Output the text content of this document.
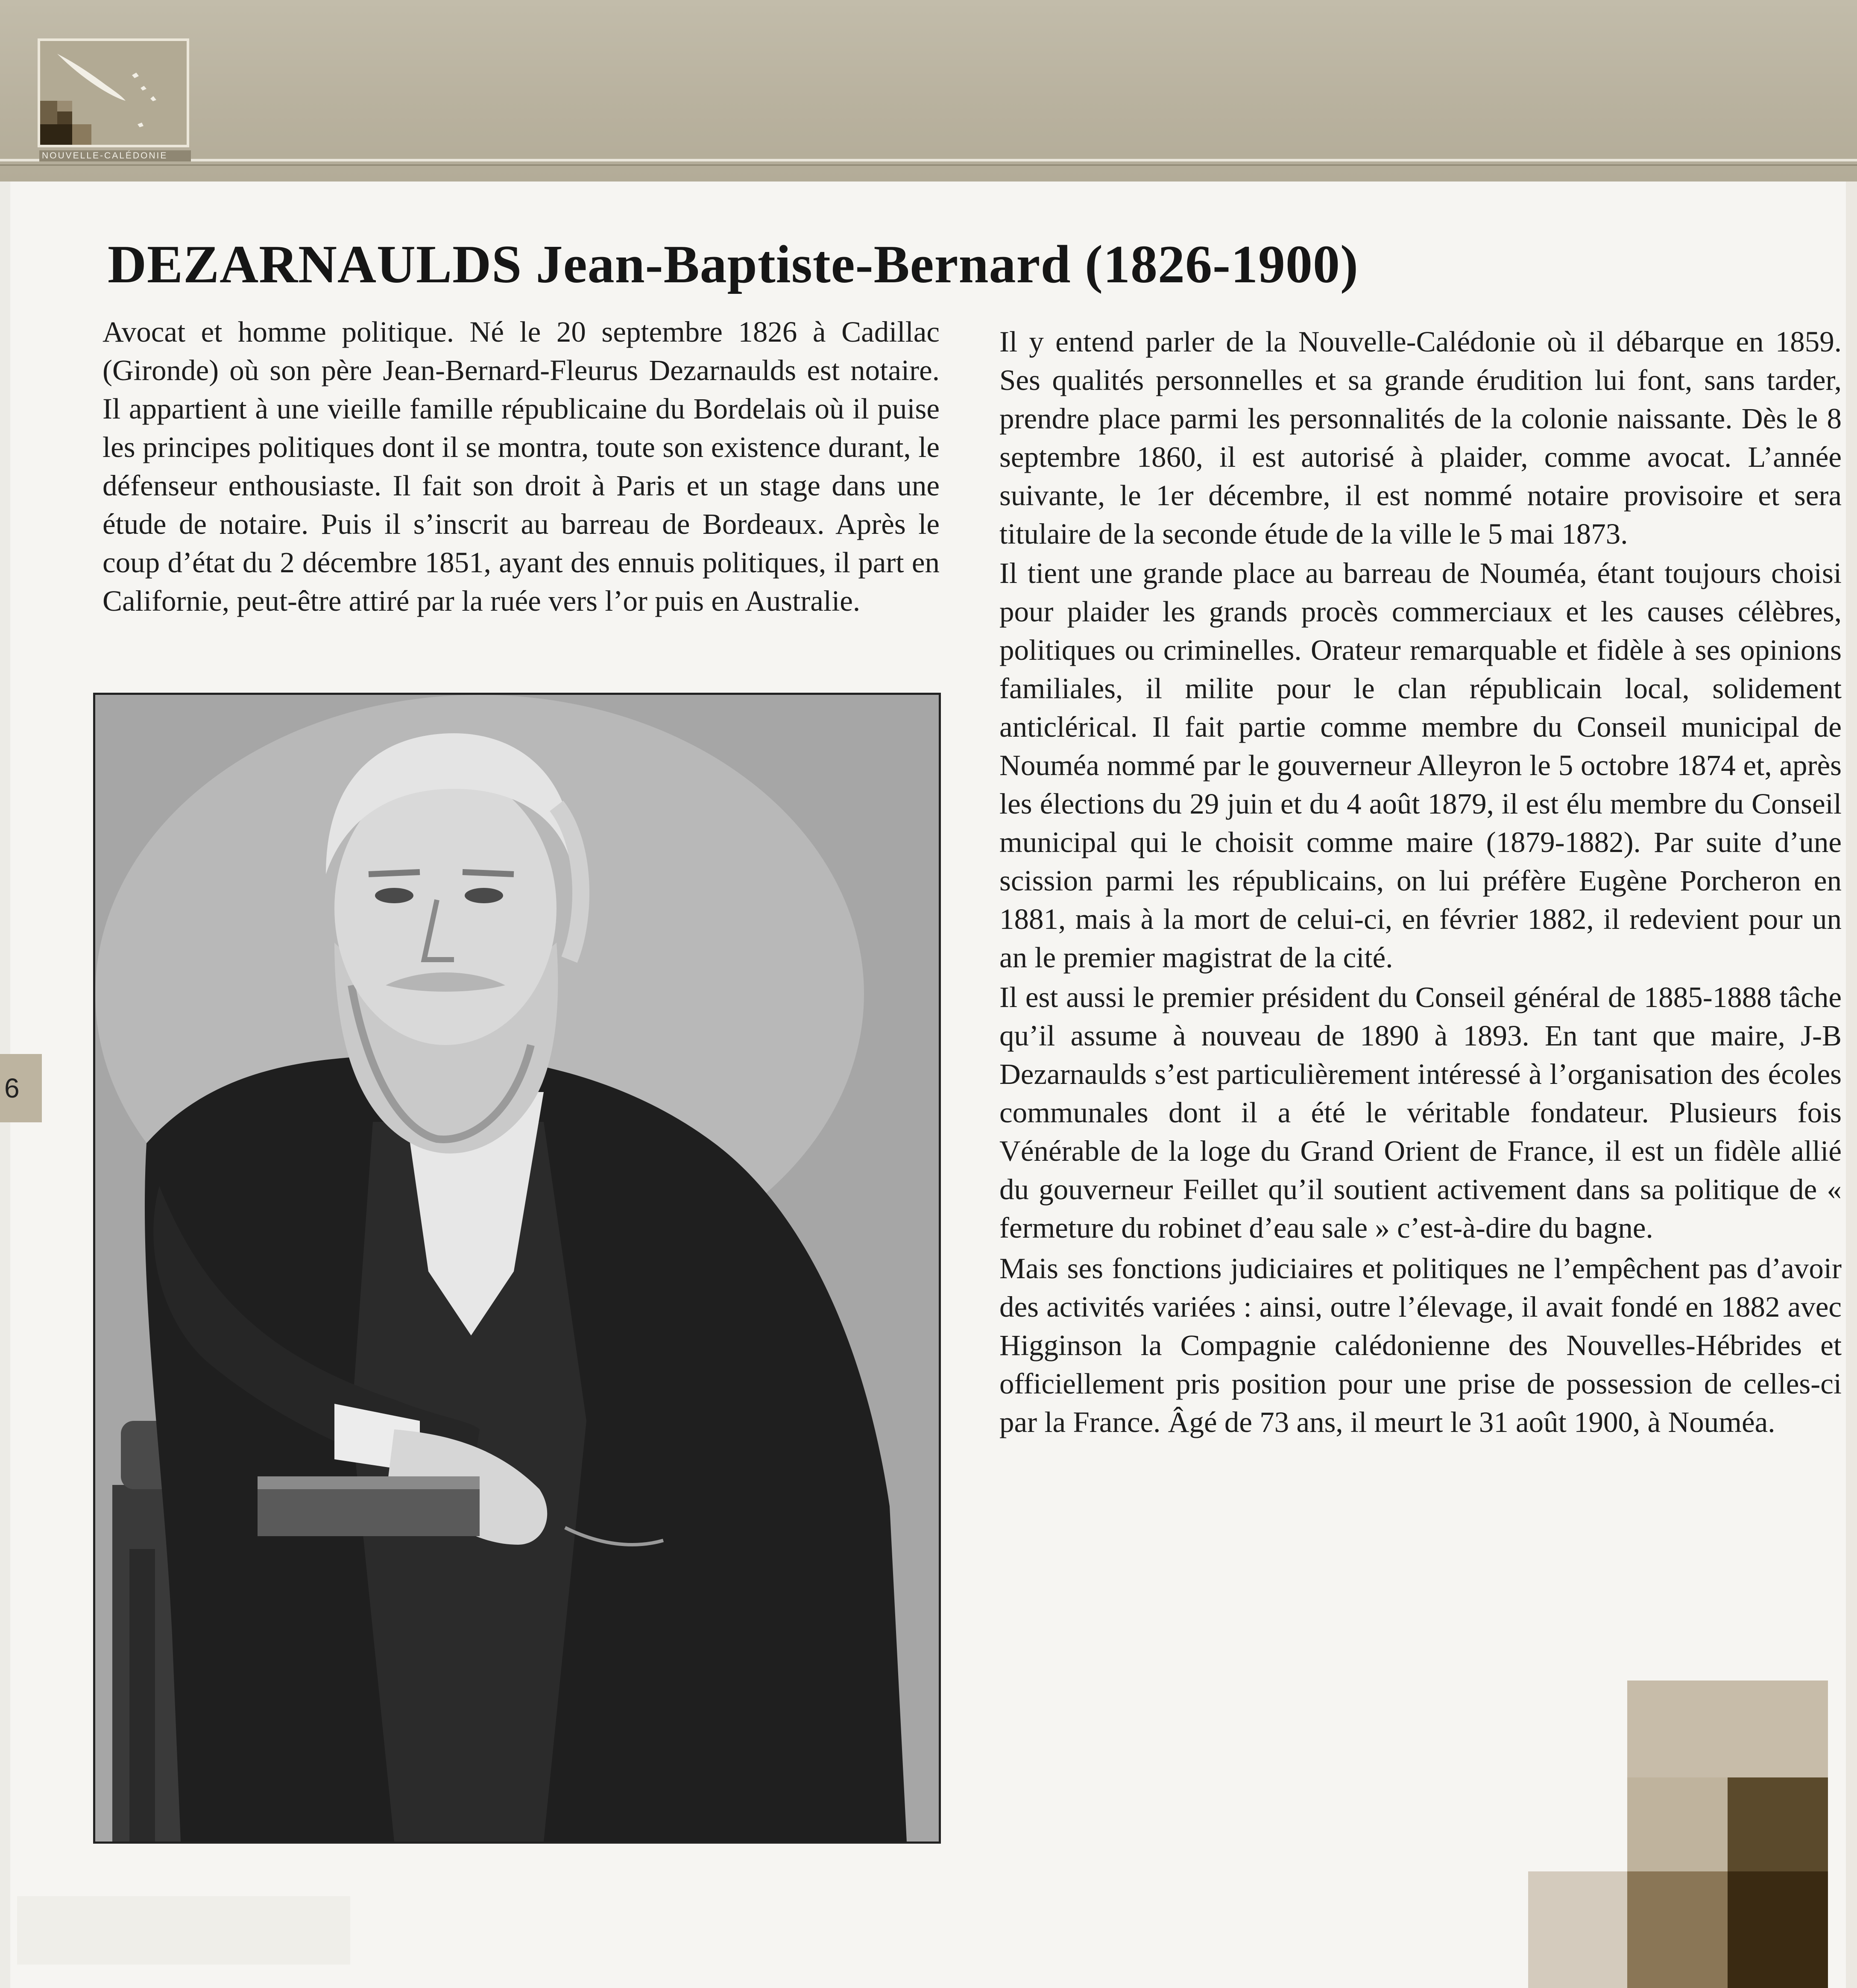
NOUVELLE-CALÉDONIE
DEZARNAULDS Jean-Baptiste-Bernard (1826-1900)

Avocat et homme politique. Né le 20 septembre 1826 à Cadillac (Gironde) où son père Jean-Bernard-Fleurus Dezarnaulds est notaire. Il appartient à une vieille famille républicaine du Bordelais où il puise les principes politiques dont il se montra, toute son existence durant, le défenseur enthousiaste. Il fait son droit à Paris et un stage dans une étude de notaire. Puis il s’inscrit au barreau de Bordeaux. Après le coup d’état du 2 décembre 1851, ayant des ennuis politiques, il part en Californie, peut-être attiré par la ruée vers l’or puis en Australie.

Il y entend parler de la Nouvelle-Calédonie où il débarque en 1859. Ses qualités personnelles et sa grande érudition lui font, sans tarder, prendre place parmi les personnalités de la colonie naissante. Dès le 8 septembre 1860, il est autorisé à plaider, comme avocat. L’année suivante, le 1er décembre, il est nommé notaire provisoire et sera titulaire de la seconde étude de la ville le 5 mai 1873.

Il tient une grande place au barreau de Nouméa, étant toujours choisi pour plaider les grands procès commerciaux et les causes célèbres, politiques ou criminelles. Orateur remarquable et fidèle à ses opinions familiales, il milite pour le clan républicain local, solidement anticlérical. Il fait partie comme membre du Conseil municipal de Nouméa nommé par le gouverneur Alleyron le 5 octobre 1874 et, après les élections du 29 juin et du 4 août 1879, il est élu membre du Conseil municipal qui le choisit comme maire (1879-1882). Par suite d’une scission parmi les républicains, on lui préfère Eugène Porcheron en 1881, mais à la mort de celui-ci, en février 1882, il redevient pour un an le premier magistrat de la cité.

Il est aussi le premier président du Conseil général de 1885-1888 tâche qu’il assume à nouveau de 1890 à 1893. En tant que maire, J-B Dezarnaulds s’est particulièrement intéressé à l’organisation des écoles communales dont il a été le véritable fondateur. Plusieurs fois Vénérable de la loge du Grand Orient de France, il est un fidèle allié du gouverneur Feillet qu’il soutient activement dans sa politique de « fermeture du robinet d’eau sale » c’est-à-dire du bagne.

Mais ses fonctions judiciaires et politiques ne l’empêchent pas d’avoir des activités variées : ainsi, outre l’élevage, il avait fondé en 1882 avec Higginson la Compagnie calédonienne des Nouvelles-Hébrides et officiellement pris position pour une prise de possession de celles-ci par la France. Âgé de 73 ans, il meurt le 31 août 1900, à Nouméa.

6
